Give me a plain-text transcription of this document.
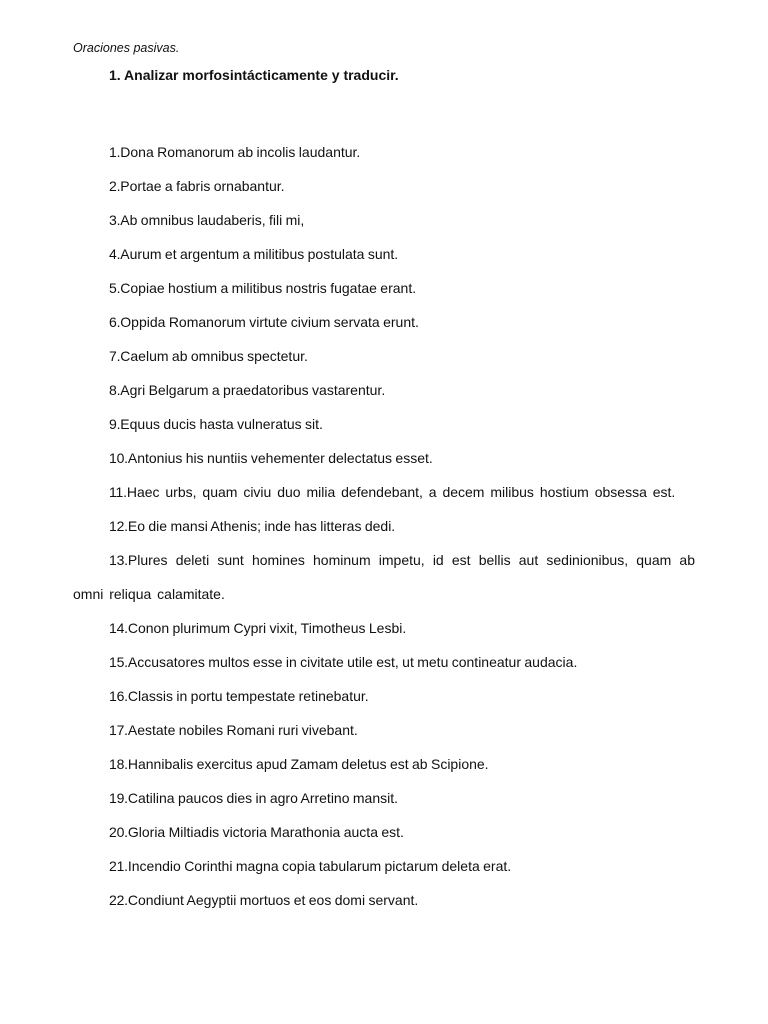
Oraciones pasivas.

1. Analizar morfosintácticamente y traducir.

1.Dona Romanorum ab incolis laudantur.
2.Portae a fabris ornabantur.
3.Ab omnibus laudaberis, fili mi,
4.Aurum et argentum a militibus postulata sunt.
5.Copiae hostium a militibus nostris fugatae erant.
6.Oppida Romanorum virtute civium servata erunt.
7.Caelum ab omnibus spectetur.
8.Agri Belgarum a praedatoribus vastarentur.
9.Equus ducis hasta vulneratus sit.
10.Antonius his nuntiis vehementer delectatus esset.
11.Haec urbs, quam civiu duo milia defendebant, a decem milibus hostium obsessa est.
12.Eo die mansi Athenis; inde has litteras dedi.
13.Plures deleti sunt homines hominum impetu, id est bellis aut sedinionibus, quam ab omni reliqua calamitate.
14.Conon plurimum Cypri vixit, Timotheus Lesbi.
15.Accusatores multos esse in civitate utile est, ut metu contineatur audacia.
16.Classis in portu tempestate retinebatur.
17.Aestate nobiles Romani ruri vivebant.
18.Hannibalis exercitus apud Zamam deletus est ab Scipione.
19.Catilina paucos dies in agro Arretino mansit.
20.Gloria Miltiadis victoria Marathonia aucta est.
21.Incendio Corinthi magna copia tabularum pictarum deleta erat.
22.Condiunt Aegyptii mortuos et eos domi servant.
